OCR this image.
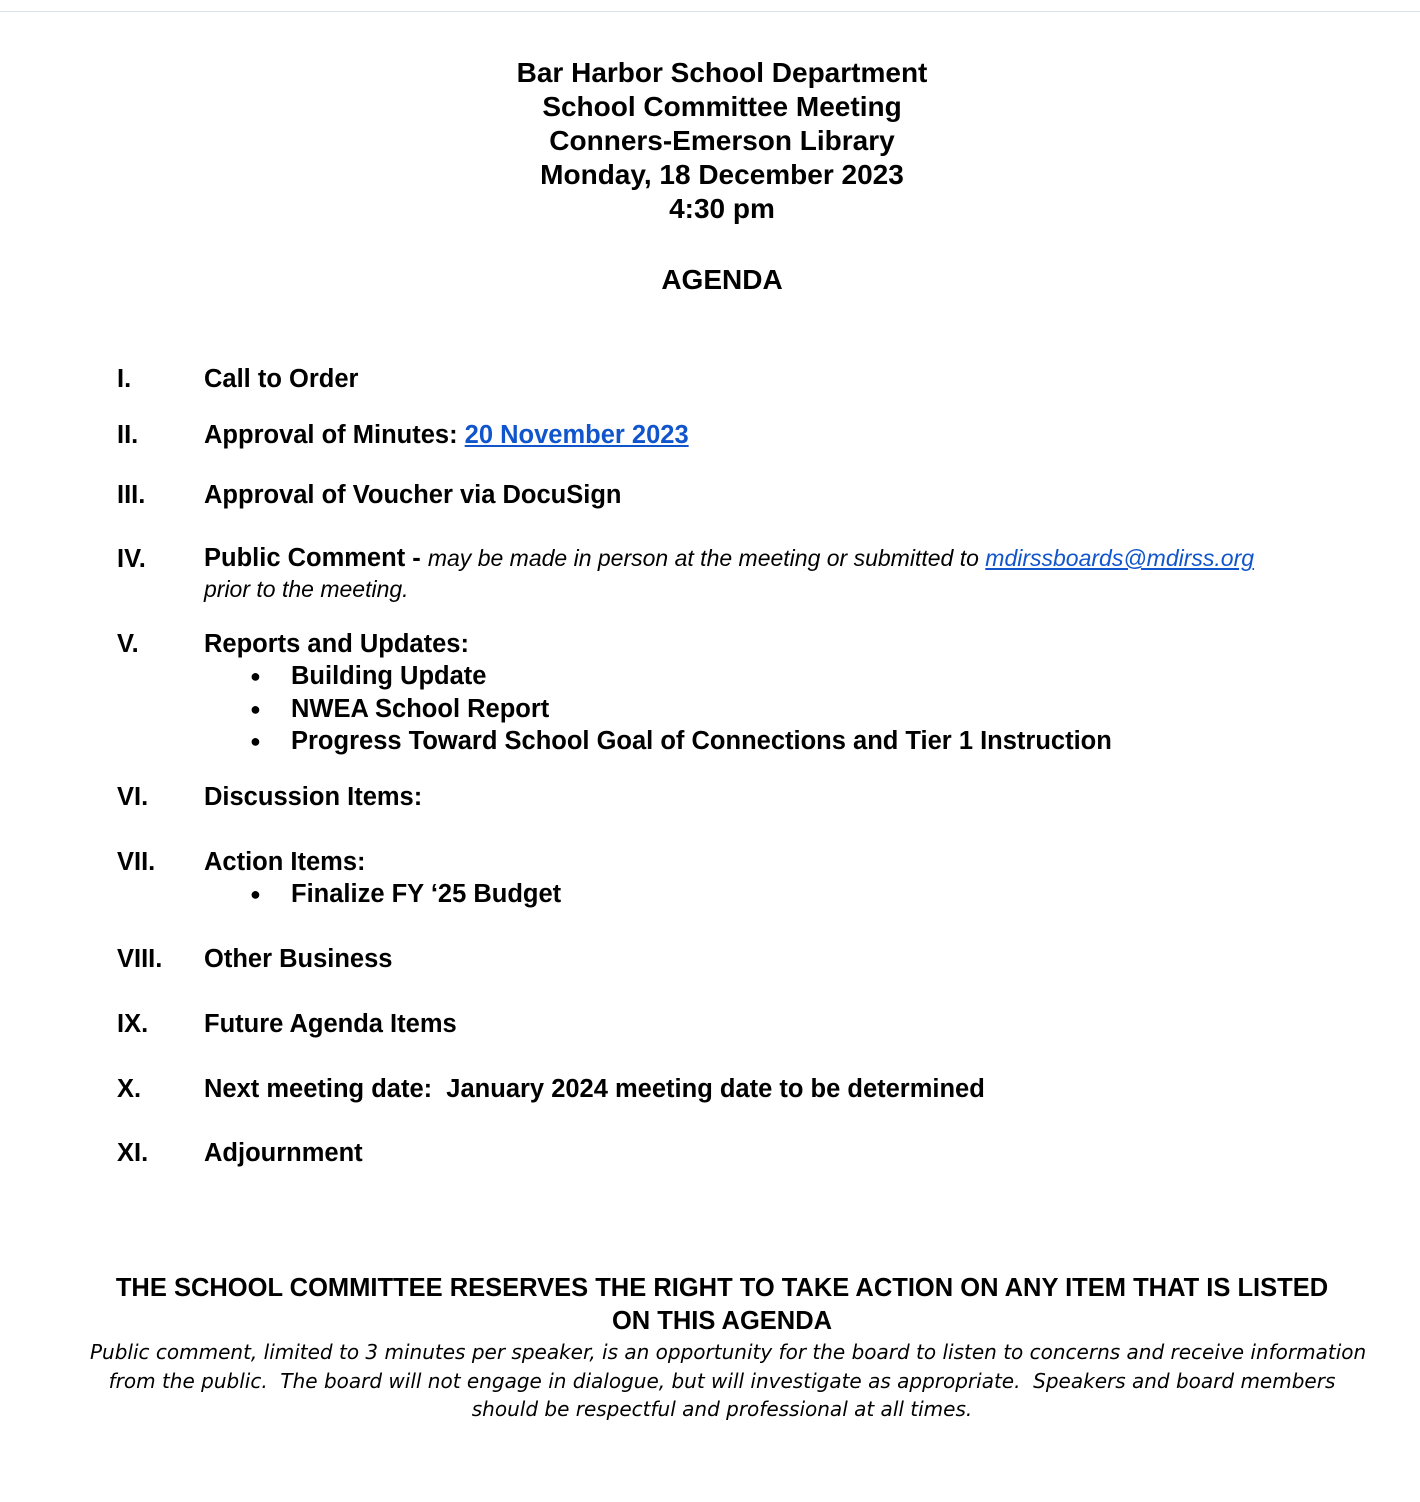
Bar Harbor School Department
School Committee Meeting
Conners-Emerson Library
Monday, 18 December 2023
4:30 pm
AGENDA
I.	Call to Order
II.	Approval of Minutes: 20 November 2023
III. Approval of Voucher via DocuSign
IV. Public Comment - may be made in person at the meeting or submitted to mdirssboards@mdirss.org
prior to the meeting.
V.	Reports and Updates:
● Building Update
● NWEA School Report
● Progress Toward School Goal of Connections and Tier 1 Instruction
VI. Discussion Items:
VII. Action Items:
● Finalize FY ‘25 Budget
VIII. Other Business
IX. Future Agenda Items
X. Next meeting date:  January 2024 meeting date to be determined
XI. Adjournment
THE SCHOOL COMMITTEE RESERVES THE RIGHT TO TAKE ACTION ON ANY ITEM THAT IS LISTED ON THIS AGENDA
Public comment, limited to 3 minutes per speaker, is an opportunity for the board to listen to concerns and receive information
from the public.  The board will not engage in dialogue, but will investigate as appropriate.  Speakers and board members
should be respectful and professional at all times.
